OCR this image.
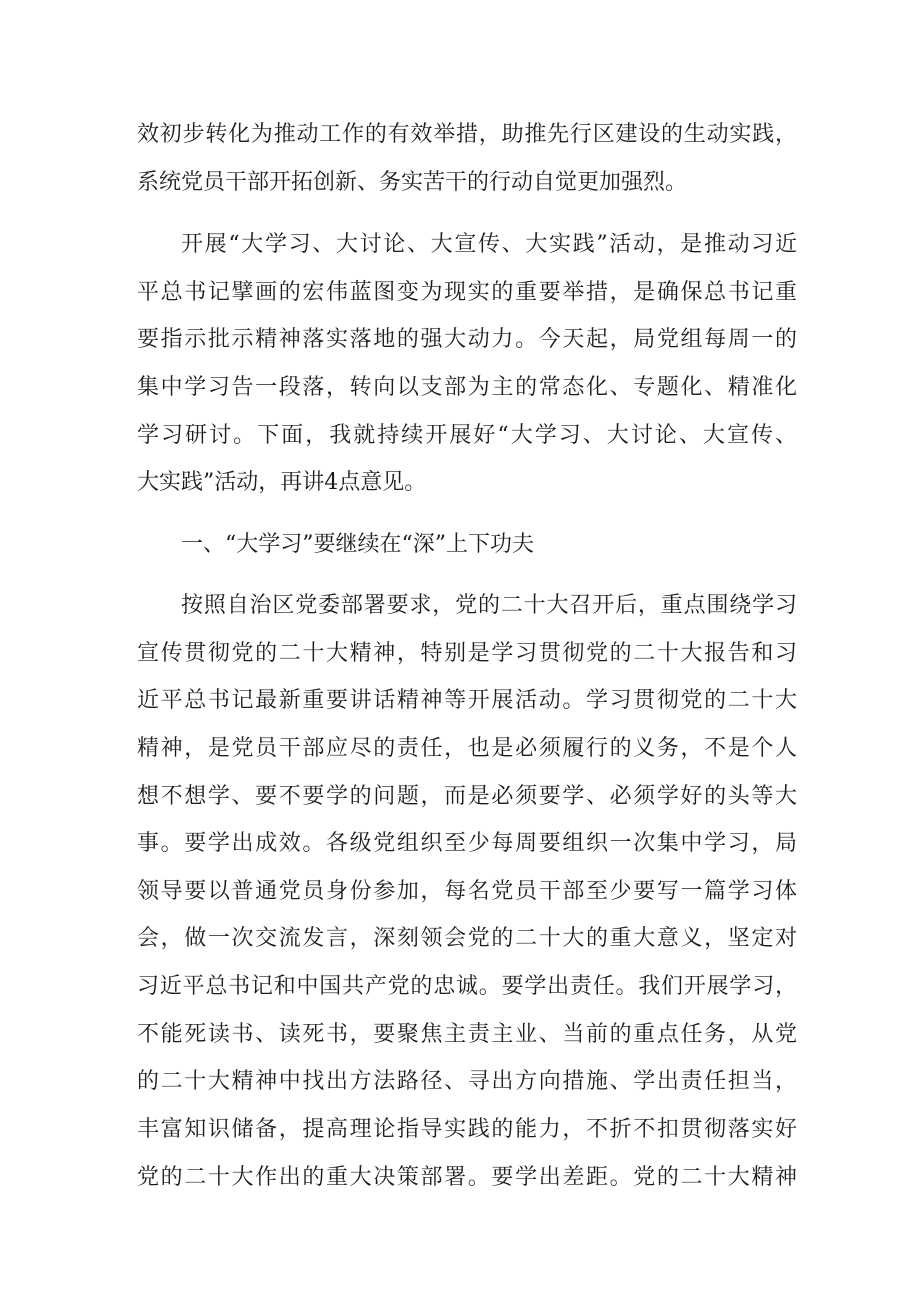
效初步转化为推动工作的有效举措，助推先行区建设的生动实践，
系统党员干部开拓创新、务实苦干的行动自觉更加强烈。
开展“大学习、大讨论、大宣传、大实践”活动，是推动习近
平总书记擘画的宏伟蓝图变为现实的重要举措，是确保总书记重
要指示批示精神落实落地的强大动力。今天起，局党组每周一的
集中学习告一段落，转向以支部为主的常态化、专题化、精准化
学习研讨。下面，我就持续开展好“大学习、大讨论、大宣传、
大实践”活动，再讲4点意见。
一、“大学习”要继续在“深”上下功夫
按照自治区党委部署要求，党的二十大召开后，重点围绕学习
宣传贯彻党的二十大精神，特别是学习贯彻党的二十大报告和习
近平总书记最新重要讲话精神等开展活动。学习贯彻党的二十大
精神，是党员干部应尽的责任，也是必须履行的义务，不是个人
想不想学、要不要学的问题，而是必须要学、必须学好的头等大
事。要学出成效。各级党组织至少每周要组织一次集中学习，局
领导要以普通党员身份参加，每名党员干部至少要写一篇学习体
会，做一次交流发言，深刻领会党的二十大的重大意义，坚定对
习近平总书记和中国共产党的忠诚。要学出责任。我们开展学习，
不能死读书、读死书，要聚焦主责主业、当前的重点任务，从党
的二十大精神中找出方法路径、寻出方向措施、学出责任担当，
丰富知识储备，提高理论指导实践的能力，不折不扣贯彻落实好
党的二十大作出的重大决策部署。要学出差距。党的二十大精神
